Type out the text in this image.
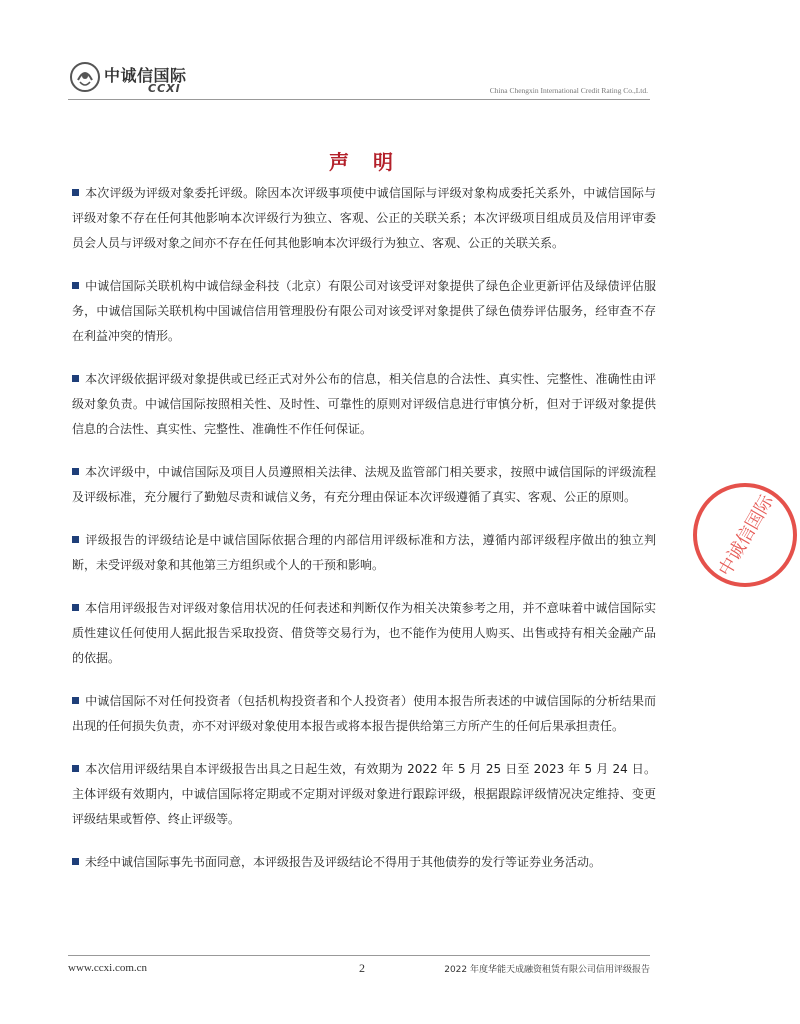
中诚信国际
CCXI	China Chengxin International Credit Rating Co.,Ltd.
声　明

本次评级为评级对象委托评级。除因本次评级事项使中诚信国际与评级对象构成委托关系外，中诚信国际与评级对象不存在任何其他影响本次评级行为独立、客观、公正的关联关系；本次评级项目组成员及信用评审委员会人员与评级对象之间亦不存在任何其他影响本次评级行为独立、客观、公正的关联关系。

中诚信国际关联机构中诚信绿金科技（北京）有限公司对该受评对象提供了绿色企业更新评估及绿债评估服务，中诚信国际关联机构中国诚信信用管理股份有限公司对该受评对象提供了绿色债券评估服务，经审查不存在利益冲突的情形。

本次评级依据评级对象提供或已经正式对外公布的信息，相关信息的合法性、真实性、完整性、准确性由评级对象负责。中诚信国际按照相关性、及时性、可靠性的原则对评级信息进行审慎分析，但对于评级对象提供信息的合法性、真实性、完整性、准确性不作任何保证。

本次评级中，中诚信国际及项目人员遵照相关法律、法规及监管部门相关要求，按照中诚信国际的评级流程及评级标准，充分履行了勤勉尽责和诚信义务，有充分理由保证本次评级遵循了真实、客观、公正的原则。

评级报告的评级结论是中诚信国际依据合理的内部信用评级标准和方法，遵循内部评级程序做出的独立判断，未受评级对象和其他第三方组织或个人的干预和影响。

本信用评级报告对评级对象信用状况的任何表述和判断仅作为相关决策参考之用，并不意味着中诚信国际实质性建议任何使用人据此报告采取投资、借贷等交易行为，也不能作为使用人购买、出售或持有相关金融产品的依据。

中诚信国际不对任何投资者（包括机构投资者和个人投资者）使用本报告所表述的中诚信国际的分析结果而出现的任何损失负责，亦不对评级对象使用本报告或将本报告提供给第三方所产生的任何后果承担责任。

本次信用评级结果自本评级报告出具之日起生效，有效期为 2022 年 5 月 25 日至 2023 年 5 月 24 日。主体评级有效期内，中诚信国际将定期或不定期对评级对象进行跟踪评级，根据跟踪评级情况决定维持、变更评级结果或暂停、终止评级等。

未经中诚信国际事先书面同意，本评级报告及评级结论不得用于其他债券的发行等证券业务活动。

中诚信国际
www.ccxi.com.cn	2	2022 年度华能天成融资租赁有限公司信用评级报告
